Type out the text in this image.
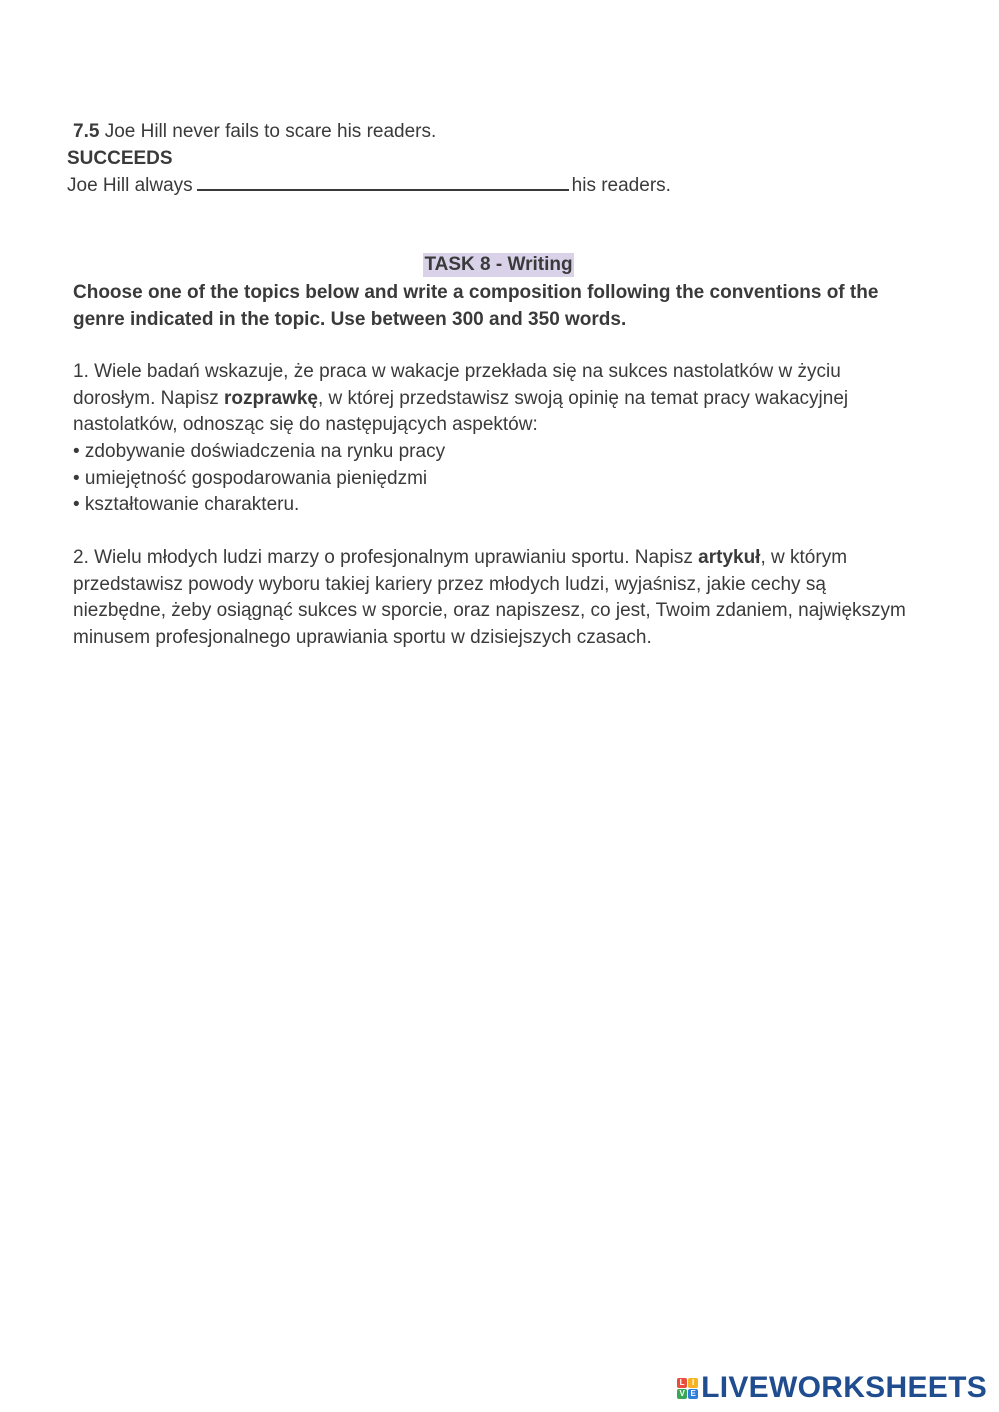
7.5 Joe Hill never fails to scare his readers.
SUCCEEDS
Joe Hill always	his readers.
TASK 8 - Writing
Choose one of the topics below and write a composition following the conventions of the genre indicated in the topic. Use between 300 and 350 words.
1. Wiele badań wskazuje, że praca w wakacje przekłada się na sukces nastolatków w życiu dorosłym. Napisz rozprawkę, w której przedstawisz swoją opinię na temat pracy wakacyjnej nastolatków, odnosząc się do następujących aspektów:
• zdobywanie doświadczenia na rynku pracy
• umiejętność gospodarowania pieniędzmi
• kształtowanie charakteru.
2. Wielu młodych ludzi marzy o profesjonalnym uprawianiu sportu. Napisz artykuł, w którym przedstawisz powody wyboru takiej kariery przez młodych ludzi, wyjaśnisz, jakie cechy są niezbędne, żeby osiągnąć sukces w sporcie, oraz napiszesz, co jest, Twoim zdaniem, największym minusem profesjonalnego uprawiania sportu w dzisiejszych czasach.
L I
V E LIVEWORKSHEETS
